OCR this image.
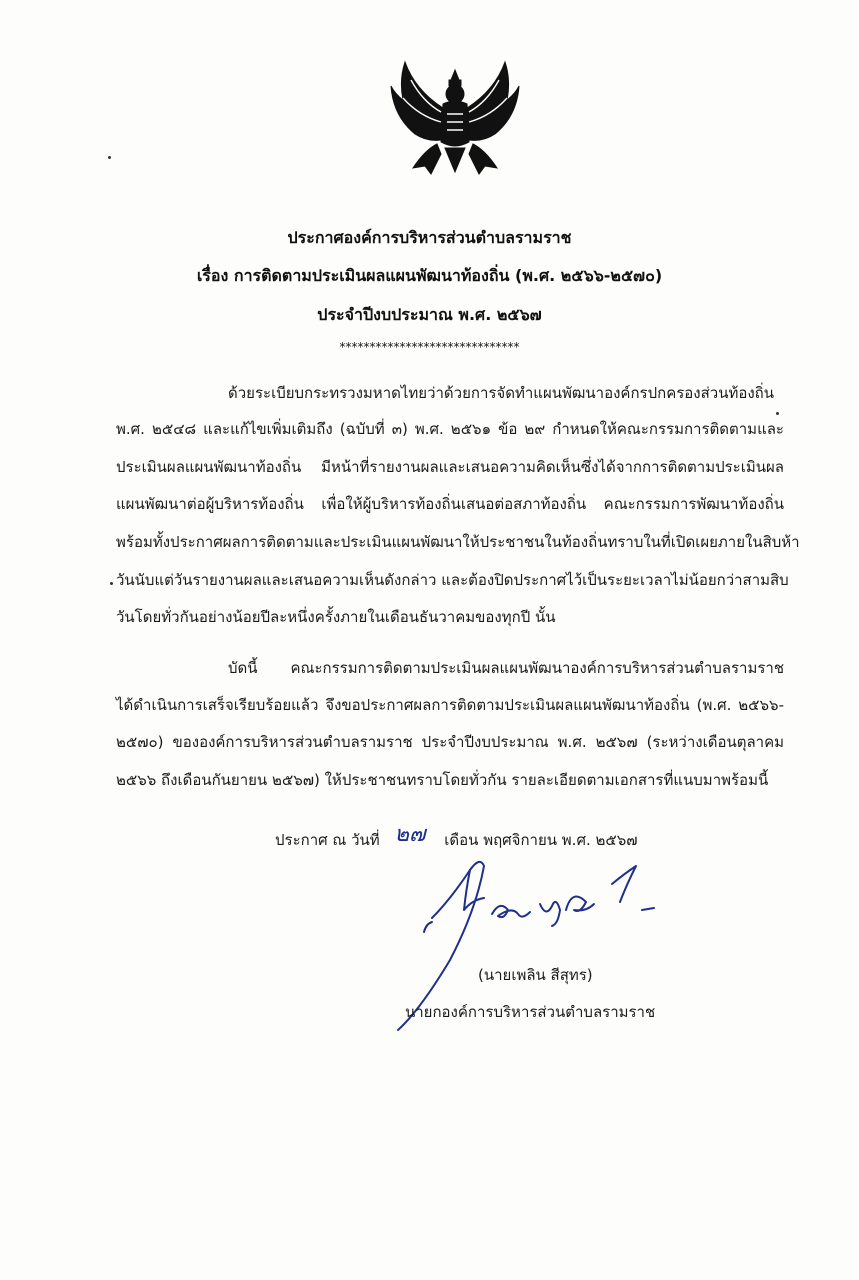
ประกาศองค์การบริหารส่วนตำบลรามราช
เรื่อง การติดตามประเมินผลแผนพัฒนาท้องถิ่น (พ.ศ. ๒๕๖๖-๒๕๗๐)
ประจำปีงบประมาณ พ.ศ. ๒๕๖๗
******************************
ด้วยระเบียบกระทรวงมหาดไทยว่าด้วยการจัดทำแผนพัฒนาองค์กรปกครองส่วนท้องถิ่น
พ.ศ. ๒๕๔๘ และแก้ไขเพิ่มเติมถึง (ฉบับที่ ๓) พ.ศ. ๒๕๖๑ ข้อ ๒๙ กำหนดให้คณะกรรมการติดตามและ
ประเมินผลแผนพัฒนาท้องถิ่น มีหน้าที่รายงานผลและเสนอความคิดเห็นซึ่งได้จากการติดตามประเมินผล
แผนพัฒนาต่อผู้บริหารท้องถิ่น เพื่อให้ผู้บริหารท้องถิ่นเสนอต่อสภาท้องถิ่น คณะกรรมการพัฒนาท้องถิ่น
พร้อมทั้งประกาศผลการติดตามและประเมินแผนพัฒนาให้ประชาชนในท้องถิ่นทราบในที่เปิดเผยภายในสิบห้า
วันนับแต่วันรายงานผลและเสนอความเห็นดังกล่าว และต้องปิดประกาศไว้เป็นระยะเวลาไม่น้อยกว่าสามสิบ
วันโดยทั่วกันอย่างน้อยปีละหนึ่งครั้งภายในเดือนธันวาคมของทุกปี นั้น
บัดนี้ คณะกรรมการติดตามประเมินผลแผนพัฒนาองค์การบริหารส่วนตำบลรามราช
ได้ดำเนินการเสร็จเรียบร้อยแล้ว จึงขอประกาศผลการติดตามประเมินผลแผนพัฒนาท้องถิ่น (พ.ศ. ๒๕๖๖-
๒๕๗๐) ขององค์การบริหารส่วนตำบลรามราช ประจำปีงบประมาณ พ.ศ. ๒๕๖๗ (ระหว่างเดือนตุลาคม
๒๕๖๖ ถึงเดือนกันยายน ๒๕๖๗) ให้ประชาชนทราบโดยทั่วกัน รายละเอียดตามเอกสารที่แนบมาพร้อมนี้
ประกาศ ณ วันที่ ๒๗ เดือน พฤศจิกายน พ.ศ. ๒๕๖๗
(นายเพลิน สีสุทร)
นายกองค์การบริหารส่วนตำบลรามราช
